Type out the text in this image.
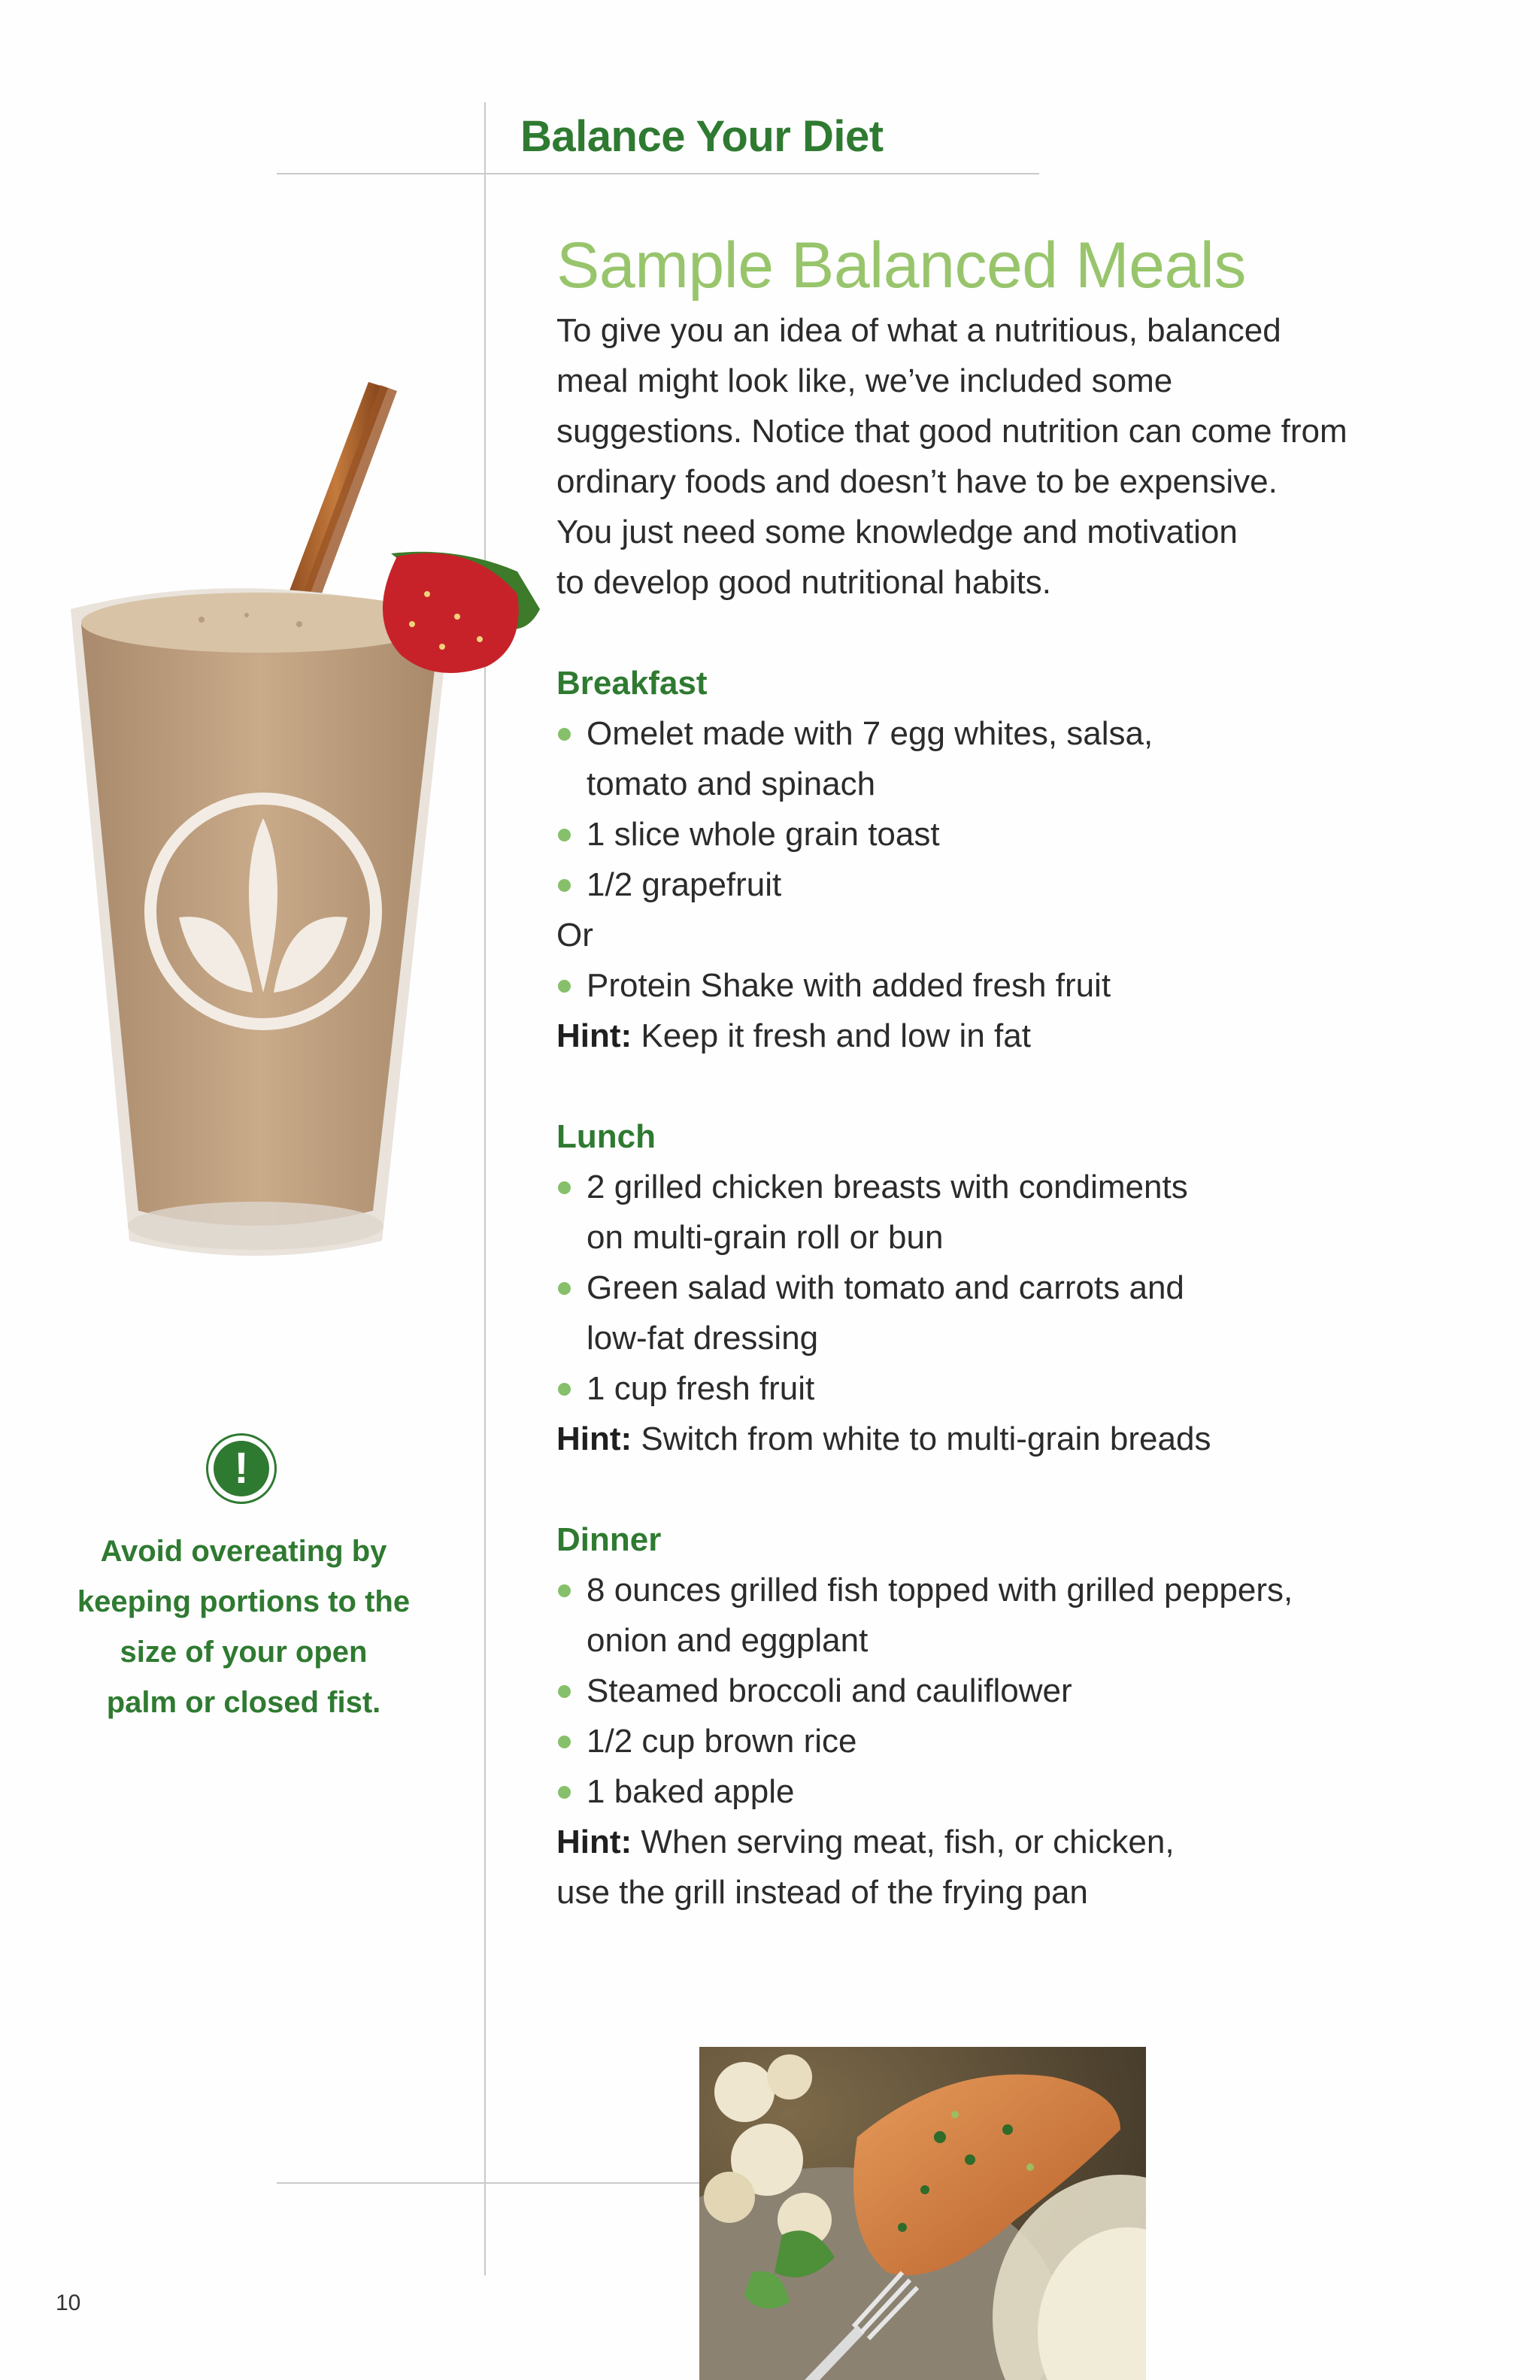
Balance Your Diet
Sample Balanced Meals
To give you an idea of what a nutritious, balanced
meal might look like, we’ve included some
suggestions. Notice that good nutrition can come from
ordinary foods and doesn’t have to be expensive.
You just need some knowledge and motivation
to develop good nutritional habits.
Breakfast
Omelet made with 7 egg whites, salsa,
tomato and spinach
1 slice whole grain toast
1/2 grapefruit
Or
Protein Shake with added fresh fruit
Hint: Keep it fresh and low in fat
Lunch
2 grilled chicken breasts with condiments
on multi-grain roll or bun
Green salad with tomato and carrots and
low-fat dressing
1 cup fresh fruit
Hint: Switch from white to multi-grain breads
Dinner
8 ounces grilled fish topped with grilled peppers,
onion and eggplant
Steamed broccoli and cauliflower
1/2 cup brown rice
1 baked apple
Hint: When serving meat, fish, or chicken,
use the grill instead of the frying pan
!
Avoid overeating by
keeping portions to the
size of your open
palm or closed fist.
10
